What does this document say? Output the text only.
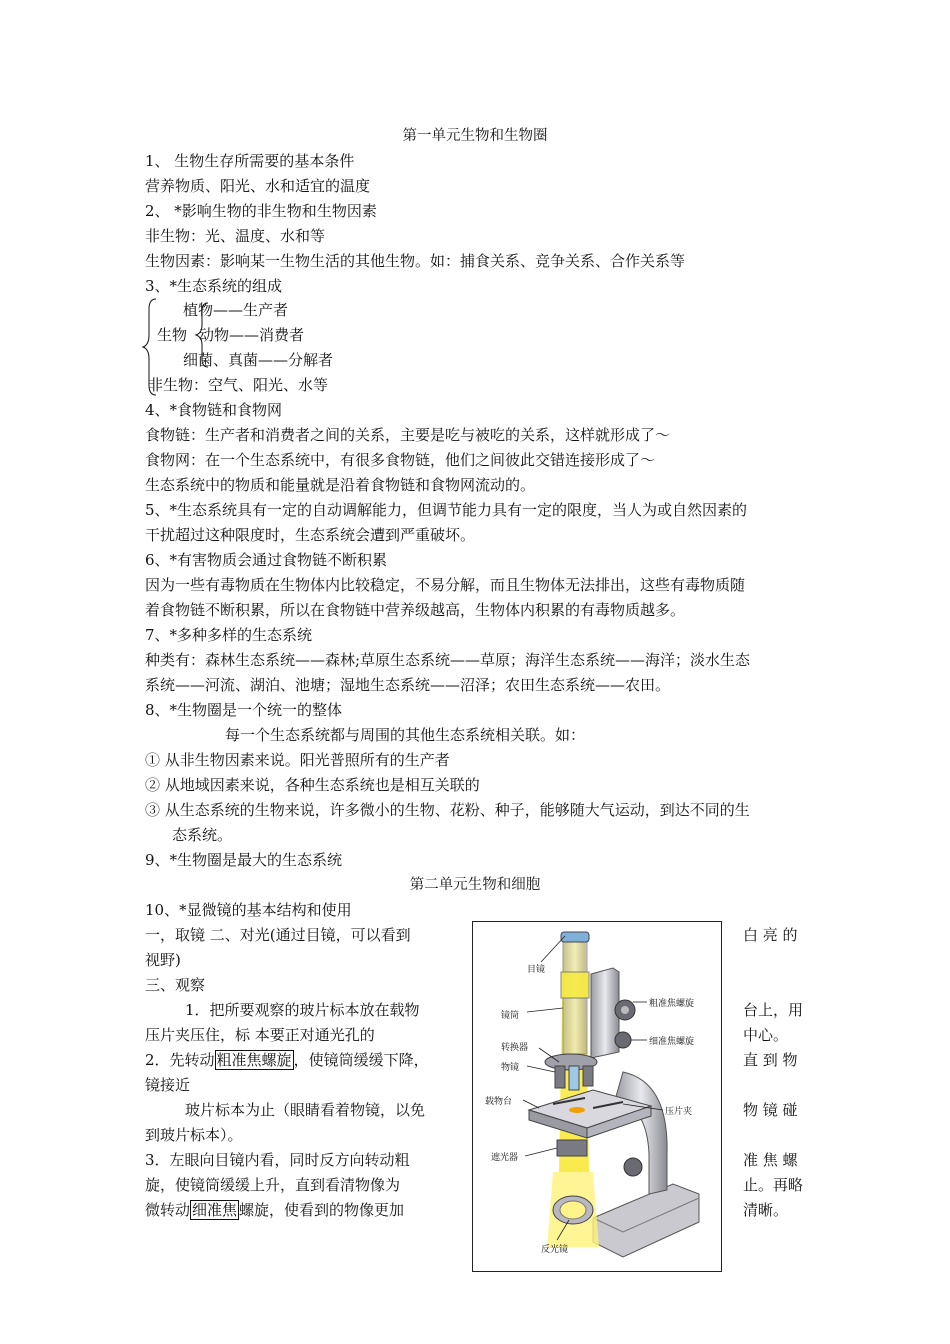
第一单元生物和生物圈
1、 生物生存所需要的基本条件
营养物质、阳光、水和适宜的温度
2、 *影响生物的非生物和生物因素
非生物：光、温度、水和等
生物因素：影响某一生物生活的其他生物。如：捕食关系、竞争关系、合作关系等
3、*生态系统的组成
植物——生产者
生物 动物——消费者
细菌、真菌——分解者
非生物：空气、阳光、水等
4、*食物链和食物网
食物链：生产者和消费者之间的关系，主要是吃与被吃的关系，这样就形成了～
食物网：在一个生态系统中，有很多食物链，他们之间彼此交错连接形成了～
生态系统中的物质和能量就是沿着食物链和食物网流动的。
5、*生态系统具有一定的自动调解能力，但调节能力具有一定的限度，当人为或自然因素的
干扰超过这种限度时，生态系统会遭到严重破坏。
6、*有害物质会通过食物链不断积累
因为一些有毒物质在生物体内比较稳定，不易分解，而且生物体无法排出，这些有毒物质随
着食物链不断积累，所以在食物链中营养级越高，生物体内积累的有毒物质越多。
7、*多种多样的生态系统
种类有：森林生态系统——森林;草原生态系统——草原；海洋生态系统——海洋；淡水生态
系统——河流、湖泊、池塘；湿地生态系统——沼泽；农田生态系统——农田。
8、*生物圈是一个统一的整体
每一个生态系统都与周围的其他生态系统相关联。如：
① 从非生物因素来说。阳光普照所有的生产者
② 从地域因素来说，各种生态系统也是相互关联的
③ 从生态系统的生物来说，许多微小的生物、花粉、种子，能够随大气运动，到达不同的生
态系统。
9、*生物圈是最大的生态系统
第二单元生物和细胞
10、*显微镜的基本结构和使用
一，取镜 二、对光(通过目镜，可以看到
视野)
三、观察
1．把所要观察的玻片标本放在载物
压片夹压住，标 本要正对通光孔的
2．先转动 粗准焦螺旋 ，使镜筒缓缓下降，
镜接近
玻片标本为止（眼睛看着物镜，以免
到玻片标本）。
3．左眼向目镜内看，同时反方向转动粗
旋，使镜筒缓缓上升，直到看清物像为
微转动 细准焦 螺旋，使看到的物像更加
白 亮 的
台上，用
中心。
直 到 物
物 镜 碰
准 焦 螺
止。再略
清晰。
目镜
镜筒
粗准焦螺旋
细准焦螺旋
转换器
物镜
载物台
压片夹
遮光器
反光镜
